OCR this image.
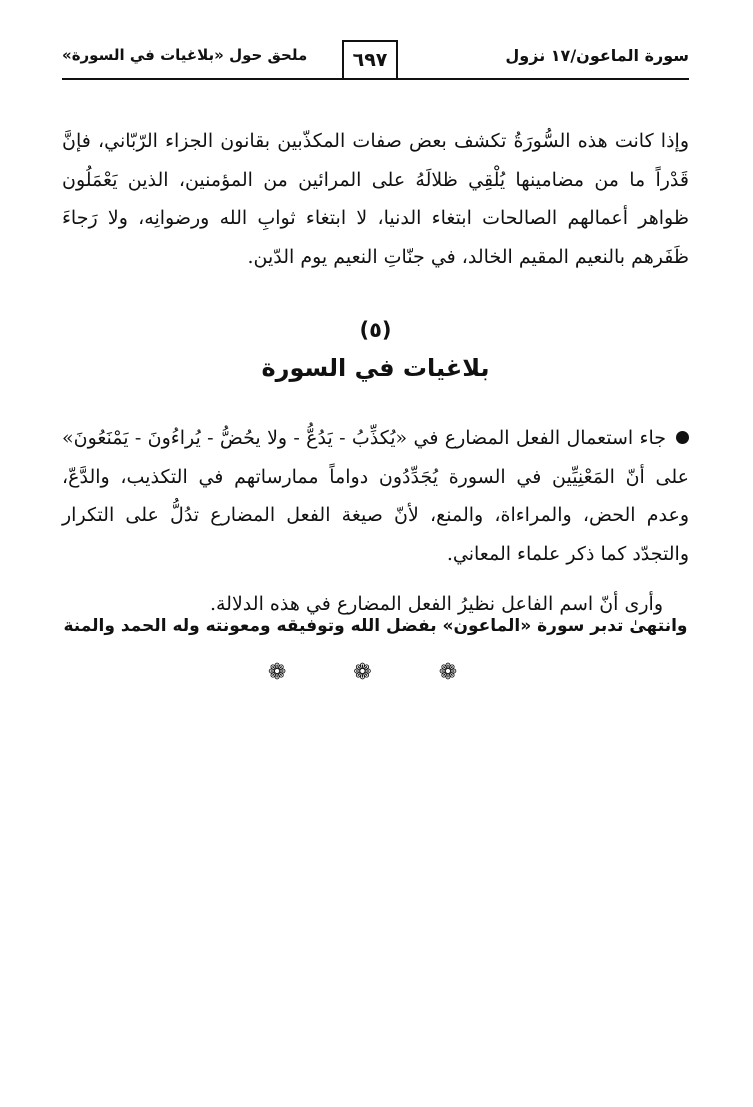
سورة الماعون/١٧ نزول
٦٩٧
ملحق حول «بلاغيات في السورة»

وإذا كانت هذه السُّورَةُ تكشف بعض صفات المكذّبين بقانون الجزاء الرّبّاني، فإنَّ قَدْراً ما من مضامينها يُلْقِي ظلالَهُ على المرائين من المؤمنين، الذين يَعْمَلُون ظواهر أعمالهم الصالحات ابتغاء الدنيا، لا ابتغاء ثوابِ الله ورضوانِه، ولا رَجاءَ ظَفَرهم بالنعيم المقيم الخالد، في جنّاتِ النعيم يوم الدّين.

(٥)
بلاغيات في السورة

جاء استعمال الفعل المضارع في «يُكذِّبُ - يَدُعُّ - ولا يحُضُّ - يُراءُونَ - يَمْنَعُونَ» على أنّ المَعْنِيِّين في السورة يُجَدِّدُون دواماً ممارساتهم في التكذيب، والدَّعّ، وعدم الحض، والمراءاة، والمنع، لأنّ صيغة الفعل المضارع تدُلُّ على التكرار والتجدّد كما ذكر علماء المعاني.

وأرى أنّ اسم الفاعل نظيرُ الفعل المضارع في هذه الدلالة.

وانتهىٰ تدبر سورة «الماعون» بفضل الله وتوفيقه ومعونته وله الحمد والمنة
❁ ❁ ❁
